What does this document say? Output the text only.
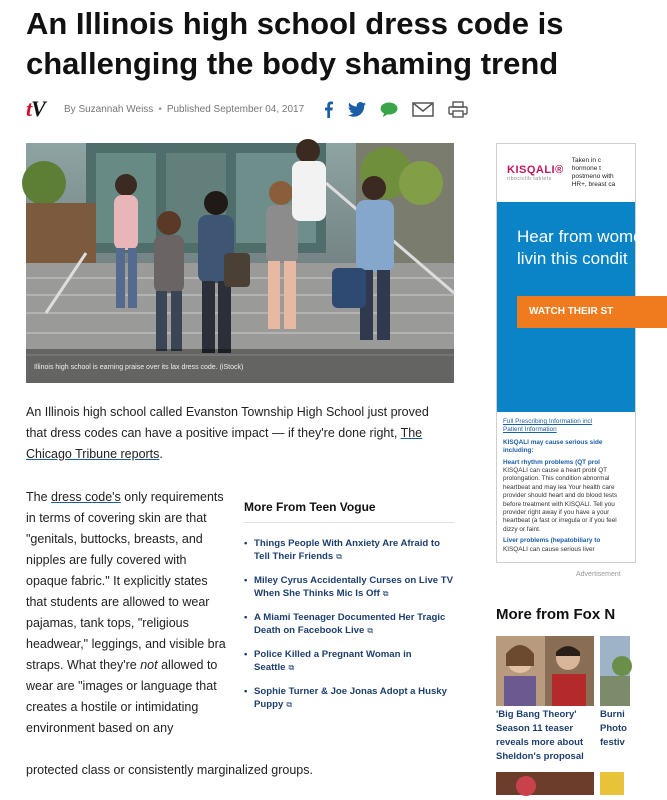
An Illinois high school dress code is challenging the body shaming trend
tV	By Suzannah Weiss • Published September 04, 2017
Illinois high school is earning praise over its lax dress code. (iStock)

An Illinois high school called Evanston Township High School just proved that dress codes can have a positive impact — if they're done right, The Chicago Tribune reports.

The dress code's only requirements in terms of covering skin are that "genitals, buttocks, breasts, and nipples are fully covered with opaque fabric." It explicitly states that students are allowed to wear pajamas, tank tops, "religious headwear," leggings, and visible bra straps. What they're not allowed to wear are "images or language that creates a hostile or intimidating environment based on any

protected class or consistently marginalized groups.

More From Teen Vogue
• Things People With Anxiety Are Afraid to Tell Their Friends ⧉
• Miley Cyrus Accidentally Curses on Live TV When She Thinks Mic Is Off ⧉
• A Miami Teenager Documented Her Tragic Death on Facebook Live ⧉
• Police Killed a Pregnant Woman in Seattle ⧉
• Sophie Turner & Joe Jonas Adopt a Husky Puppy ⧉
KISQALI®
ribociclib tablets
Taken in c hormone t postmeno with HR+, breast ca
Hear from women livin this condit
WATCH THEIR ST
Full Prescribing Information incl
Patient Information
KISQALI may cause serious side including:
Heart rhythm problems (QT prol
KISQALI can cause a heart probl QT prolongation. This condition abnormal heartbeat and may lea Your health care provider should heart and do blood tests before treatment with KISQALI. Tell you provider right away if you have a your heartbeat (a fast or irregula or if you feel dizzy or faint.
Liver problems (hepatobiliary to
KISQALI can cause serious liver
Advertisement
More from Fox N
'Big Bang Theory' Season 11 teaser reveals more about Sheldon's proposal
Burni Photo festiv
